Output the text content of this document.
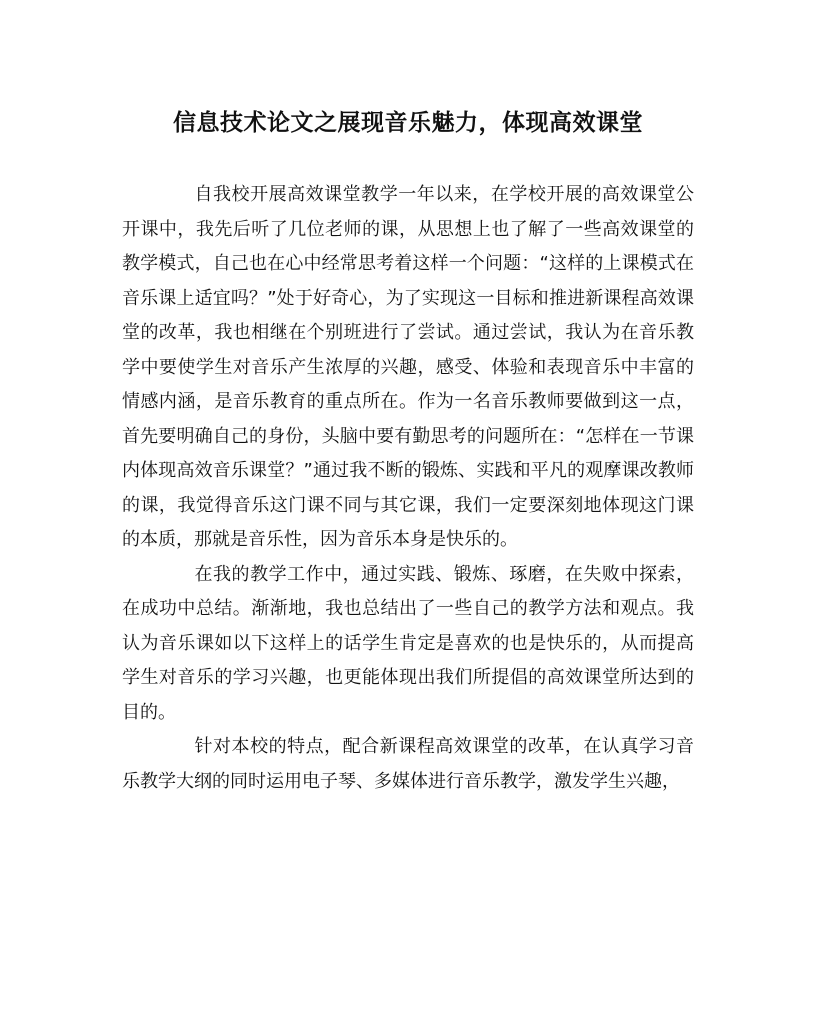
信息技术论文之展现音乐魅力，体现高效课堂

自我校开展高效课堂教学一年以来，在学校开展的高效课堂公开课中，我先后听了几位老师的课，从思想上也了解了一些高效课堂的教学模式，自己也在心中经常思考着这样一个问题：“这样的上课模式在音乐课上适宜吗？”处于好奇心，为了实现这一目标和推进新课程高效课堂的改革，我也相继在个别班进行了尝试。通过尝试，我认为在音乐教学中要使学生对音乐产生浓厚的兴趣，感受、体验和表现音乐中丰富的情感内涵，是音乐教育的重点所在。作为一名音乐教师要做到这一点，首先要明确自己的身份，头脑中要有勤思考的问题所在：“怎样在一节课内体现高效音乐课堂？”通过我不断的锻炼、实践和平凡的观摩课改教师的课，我觉得音乐这门课不同与其它课，我们一定要深刻地体现这门课的本质，那就是音乐性，因为音乐本身是快乐的。

在我的教学工作中，通过实践、锻炼、琢磨，在失败中探索，在成功中总结。渐渐地，我也总结出了一些自己的教学方法和观点。我认为音乐课如以下这样上的话学生肯定是喜欢的也是快乐的，从而提高学生对音乐的学习兴趣，也更能体现出我们所提倡的高效课堂所达到的目的。

针对本校的特点，配合新课程高效课堂的改革，在认真学习音乐教学大纲的同时运用电子琴、多媒体进行音乐教学，激发学生兴趣，
